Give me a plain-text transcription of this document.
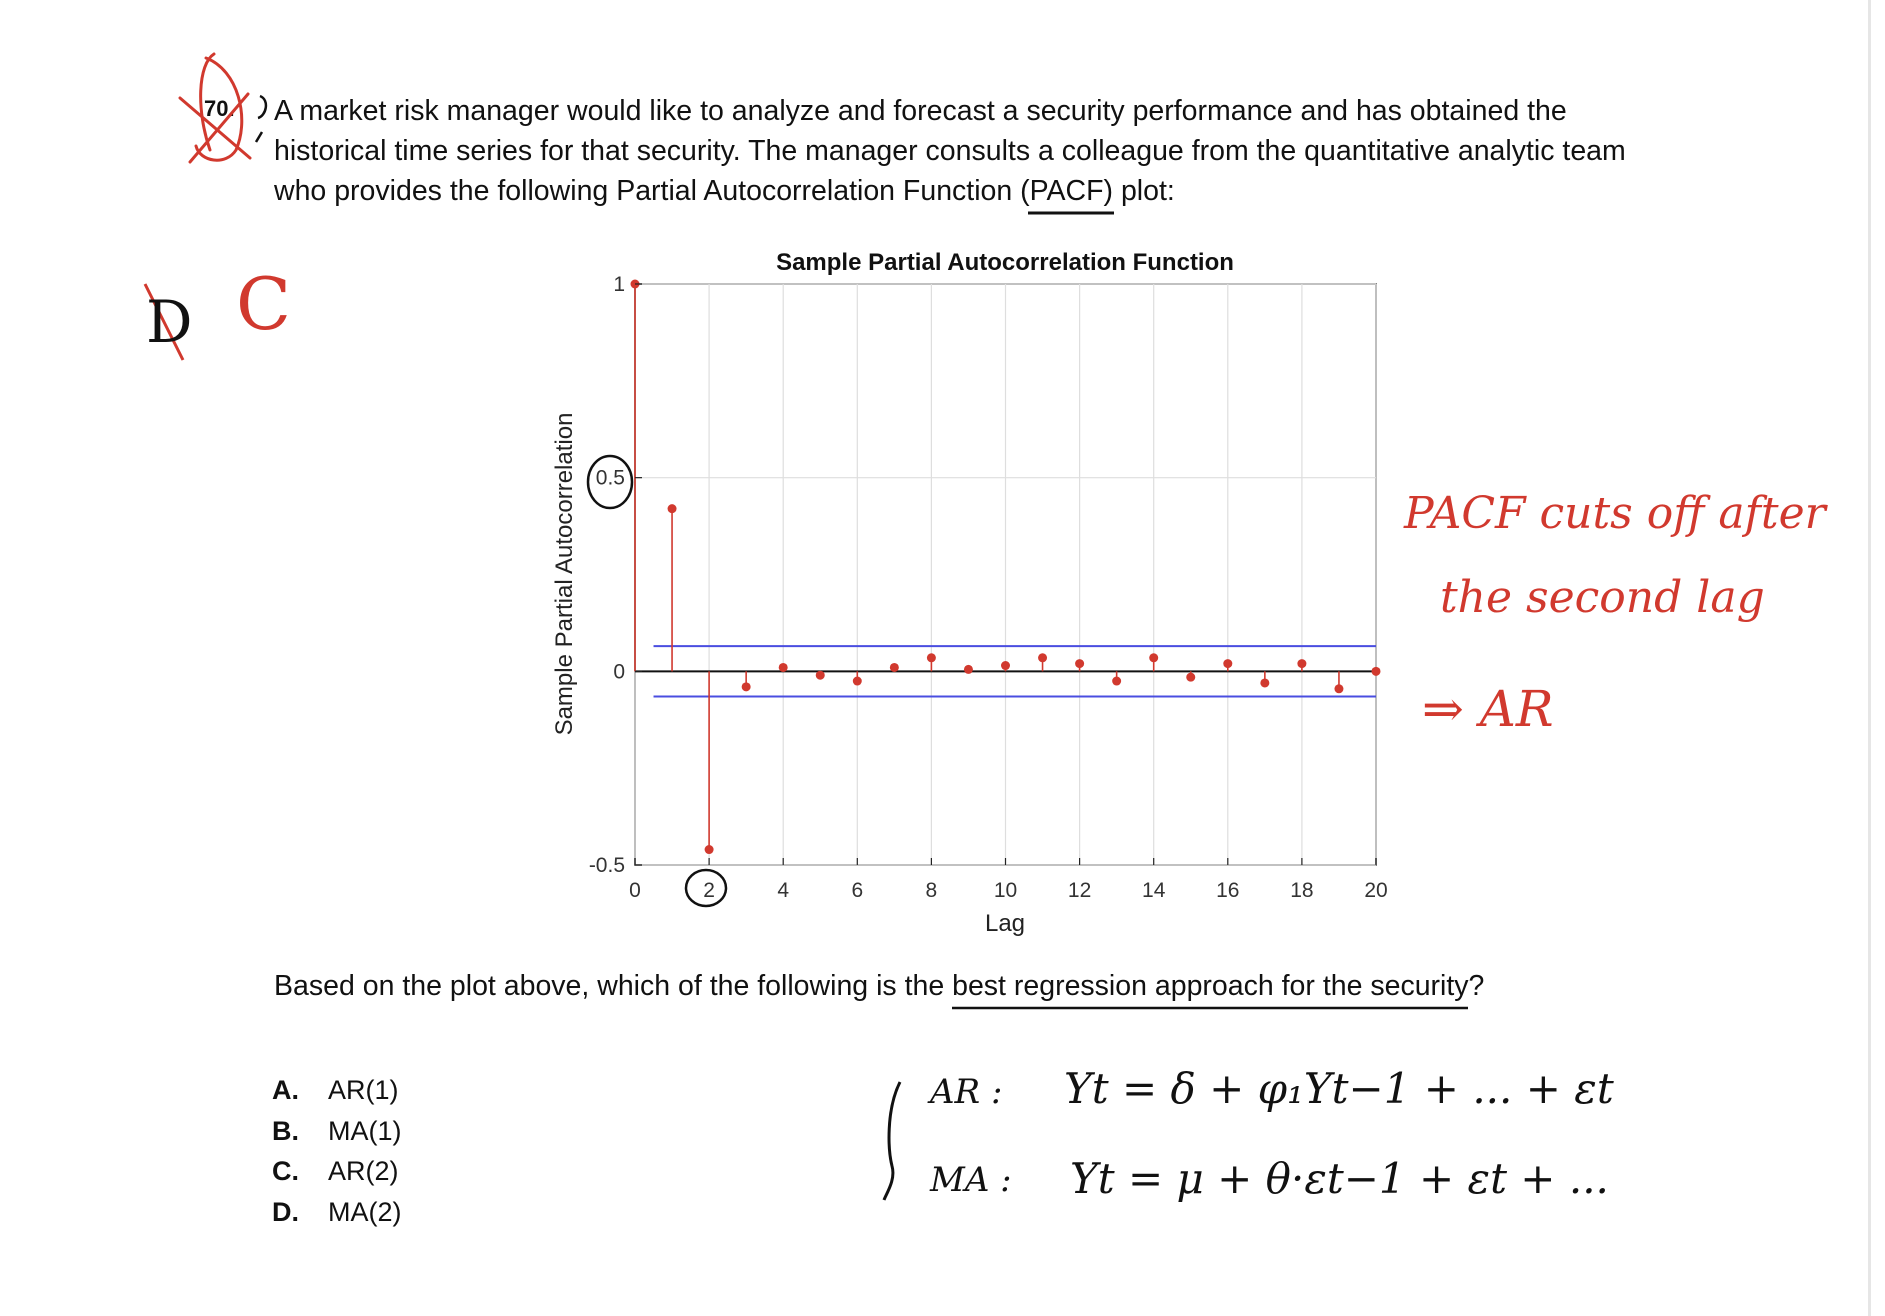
70. A market risk manager would like to analyze and forecast a security performance and has obtained the
historical time series for that security. The manager consults a colleague from the quantitative analytic team
who provides the following Partial Autocorrelation Function (PACF) plot:
D C
PACF cuts off after
the second lag
⇒ AR
AR : Yt = δ + φ₁Yt−1 + ... + εt
MA : Yt = μ + θ·εt−1 + εt + ...
0	2	4	6	8	10 12 14 16 18 20
-0.5
0
0.5
1
Sample Partial Autocorrelation Function
Lag
Sample Partial Autocorrelation
Based on the plot above, which of the following is the best regression approach for the security?
A. AR(1)
B. MA(1)
C. AR(2)
D. MA(2)
